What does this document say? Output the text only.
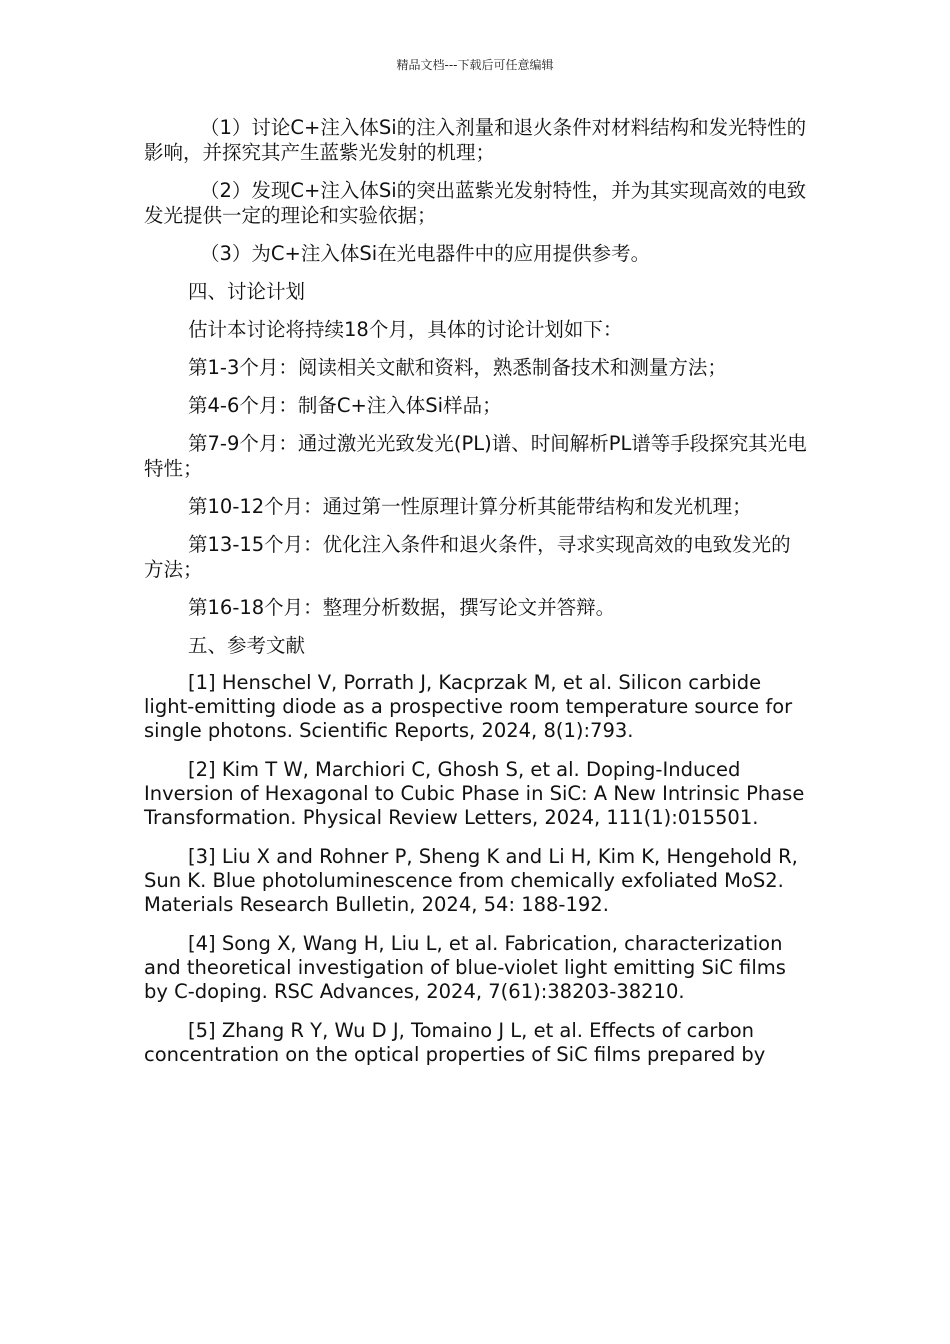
精品文档---下载后可任意编辑

（1）讨论C+注入体Si的注入剂量和退火条件对材料结构和发光特性的影响，并探究其产生蓝紫光发射的机理；

（2）发现C+注入体Si的突出蓝紫光发射特性，并为其实现高效的电致发光提供一定的理论和实验依据；

（3）为C+注入体Si在光电器件中的应用提供参考。

四、讨论计划

估计本讨论将持续18个月，具体的讨论计划如下：

第1-3个月：阅读相关文献和资料，熟悉制备技术和测量方法；

第4-6个月：制备C+注入体Si样品；

第7-9个月：通过激光光致发光(PL)谱、时间解析PL谱等手段探究其光电特性；

第10-12个月：通过第一性原理计算分析其能带结构和发光机理；

第13-15个月：优化注入条件和退火条件，寻求实现高效的电致发光的方法；

第16-18个月：整理分析数据，撰写论文并答辩。

五、参考文献

[1] Henschel V, Porrath J, Kacprzak M, et al. Silicon carbide light-emitting diode as a prospective room temperature source for single photons. Scientific Reports, 2024, 8(1):793.

[2] Kim T W, Marchiori C, Ghosh S, et al. Doping-Induced Inversion of Hexagonal to Cubic Phase in SiC: A New Intrinsic Phase Transformation. Physical Review Letters, 2024, 111(1):015501.

[3] Liu X and Rohner P, Sheng K and Li H, Kim K, Hengehold R, Sun K. Blue photoluminescence from chemically exfoliated MoS2. Materials Research Bulletin, 2024, 54: 188-192.

[4] Song X, Wang H, Liu L, et al. Fabrication, characterization and theoretical investigation of blue-violet light emitting SiC films by C-doping. RSC Advances, 2024, 7(61):38203-38210.

[5] Zhang R Y, Wu D J, Tomaino J L, et al. Effects of carbon concentration on the optical properties of SiC films prepared by
